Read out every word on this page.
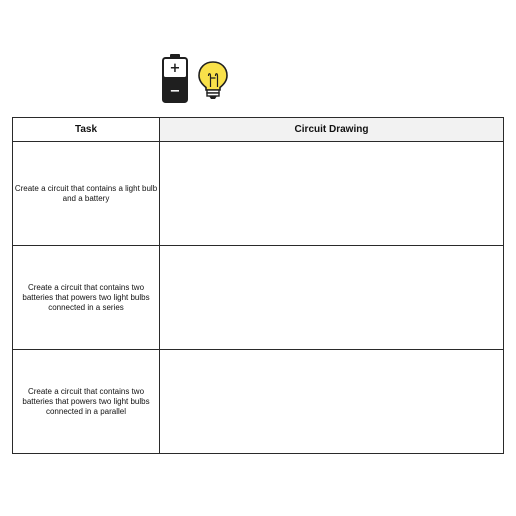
+
−
Task	Circuit Drawing
Create a circuit that contains a light bulb and a battery	
Create a circuit that contains two batteries that powers two light bulbs connected in a series	
Create a circuit that contains two batteries that powers two light bulbs connected in a parallel	
